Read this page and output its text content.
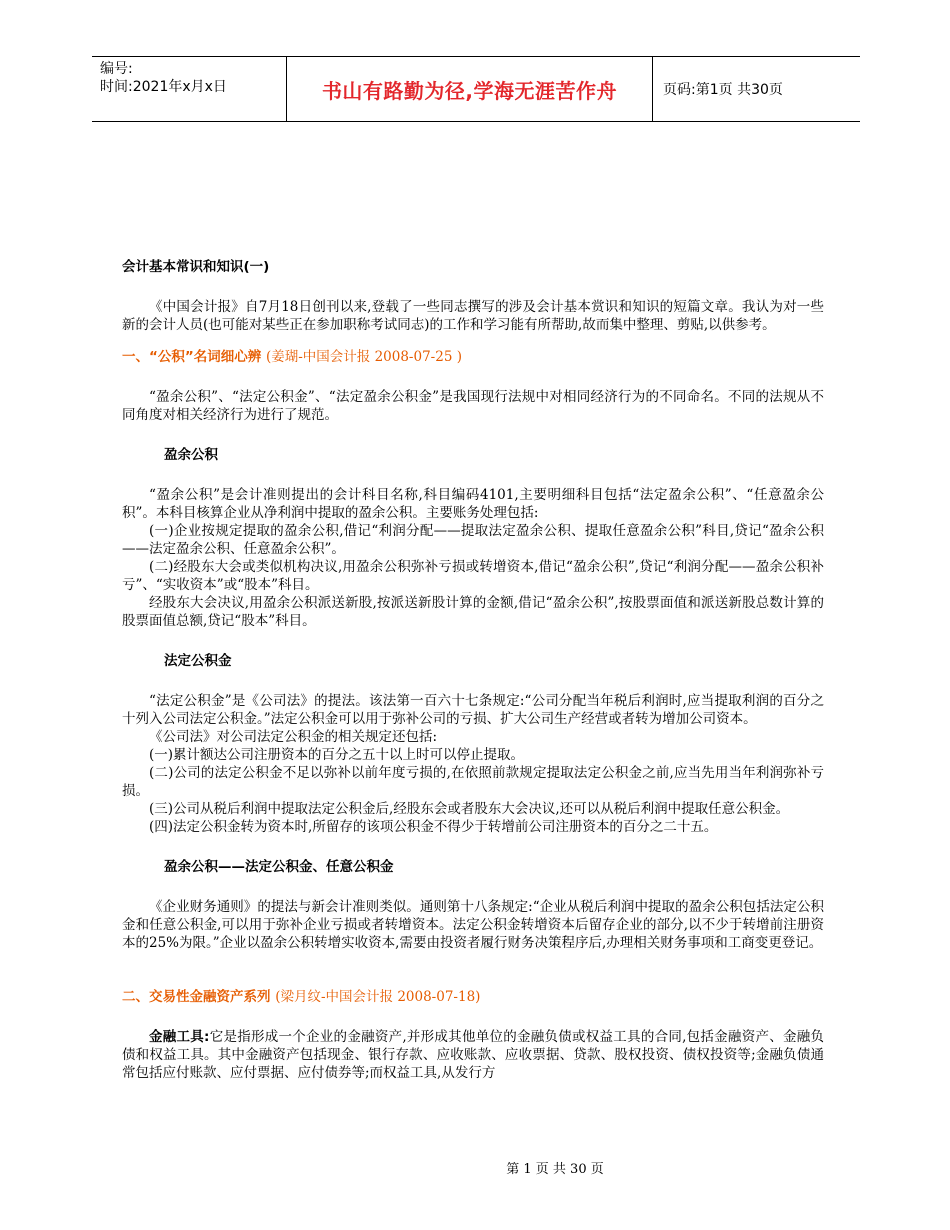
编号:
时间:2021年x月x日	书山有路勤为径,学海无涯苦作舟	页码:第1页 共30页
会计基本常识和知识(一)

《中国会计报》自7月18日创刊以来,登载了一些同志撰写的涉及会计基本赏识和知识的短篇文章。我认为对一些新的会计人员(也可能对某些正在参加职称考试同志)的工作和学习能有所帮助,故而集中整理、剪贴,以供参考。

一、“公积”名词细心辨 (姜瑚-中国会计报 2008-07-25 )

“盈余公积”、“法定公积金”、“法定盈余公积金”是我国现行法规中对相同经济行为的不同命名。不同的法规从不同角度对相关经济行为进行了规范。

盈余公积

“盈余公积”是会计准则提出的会计科目名称,科目编码4101,主要明细科目包括“法定盈余公积”、“任意盈余公积”。本科目核算企业从净利润中提取的盈余公积。主要账务处理包括:

(一)企业按规定提取的盈余公积,借记“利润分配——提取法定盈余公积、提取任意盈余公积”科目,贷记“盈余公积——法定盈余公积、任意盈余公积”。

(二)经股东大会或类似机构决议,用盈余公积弥补亏损或转增资本,借记“盈余公积”,贷记“利润分配——盈余公积补亏”、“实收资本”或“股本”科目。

经股东大会决议,用盈余公积派送新股,按派送新股计算的金额,借记“盈余公积”,按股票面值和派送新股总数计算的股票面值总额,贷记“股本”科目。

法定公积金

“法定公积金”是《公司法》的提法。该法第一百六十七条规定:“公司分配当年税后利润时,应当提取利润的百分之十列入公司法定公积金。”法定公积金可以用于弥补公司的亏损、扩大公司生产经营或者转为增加公司资本。

《公司法》对公司法定公积金的相关规定还包括:

(一)累计额达公司注册资本的百分之五十以上时可以停止提取。

(二)公司的法定公积金不足以弥补以前年度亏损的,在依照前款规定提取法定公积金之前,应当先用当年利润弥补亏损。

(三)公司从税后利润中提取法定公积金后,经股东会或者股东大会决议,还可以从税后利润中提取任意公积金。

(四)法定公积金转为资本时,所留存的该项公积金不得少于转增前公司注册资本的百分之二十五。

盈余公积——法定公积金、任意公积金

《企业财务通则》的提法与新会计准则类似。通则第十八条规定:“企业从税后利润中提取的盈余公积包括法定公积金和任意公积金,可以用于弥补企业亏损或者转增资本。法定公积金转增资本后留存企业的部分,以不少于转增前注册资本的25%为限。”企业以盈余公积转增实收资本,需要由投资者履行财务决策程序后,办理相关财务事项和工商变更登记。

二、交易性金融资产系列 (梁月纹-中国会计报 2008-07-18)

金融工具:它是指形成一个企业的金融资产,并形成其他单位的金融负债或权益工具的合同,包括金融资产、金融负债和权益工具。其中金融资产包括现金、银行存款、应收账款、应收票据、贷款、股权投资、债权投资等;金融负债通常包括应付账款、应付票据、应付债券等;而权益工具,从发行方

第 1 页 共 30 页
